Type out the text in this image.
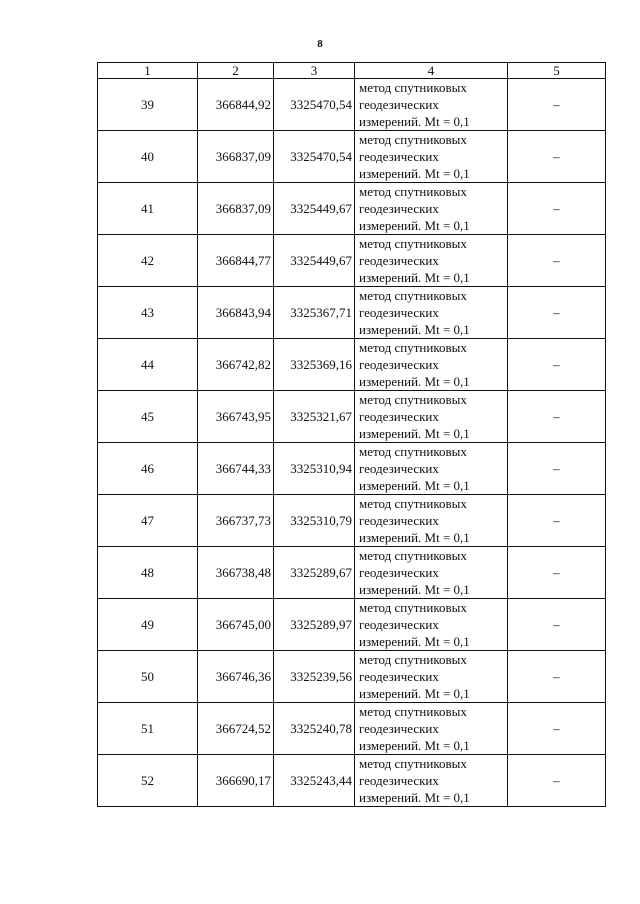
8
1	2	3	4	5
39	366844,92	3325470,54	метод спутниковых
геодезических
измерений. Mt = 0,1	–
40	366837,09	3325470,54	метод спутниковых
геодезических
измерений. Mt = 0,1	–
41	366837,09	3325449,67	метод спутниковых
геодезических
измерений. Mt = 0,1	–
42	366844,77	3325449,67	метод спутниковых
геодезических
измерений. Mt = 0,1	–
43	366843,94	3325367,71	метод спутниковых
геодезических
измерений. Mt = 0,1	–
44	366742,82	3325369,16	метод спутниковых
геодезических
измерений. Mt = 0,1	–
45	366743,95	3325321,67	метод спутниковых
геодезических
измерений. Mt = 0,1	–
46	366744,33	3325310,94	метод спутниковых
геодезических
измерений. Mt = 0,1	–
47	366737,73	3325310,79	метод спутниковых
геодезических
измерений. Mt = 0,1	–
48	366738,48	3325289,67	метод спутниковых
геодезических
измерений. Mt = 0,1	–
49	366745,00	3325289,97	метод спутниковых
геодезических
измерений. Mt = 0,1	–
50	366746,36	3325239,56	метод спутниковых
геодезических
измерений. Mt = 0,1	–
51	366724,52	3325240,78	метод спутниковых
геодезических
измерений. Mt = 0,1	–
52	366690,17	3325243,44	метод спутниковых
геодезических
измерений. Mt = 0,1	–
